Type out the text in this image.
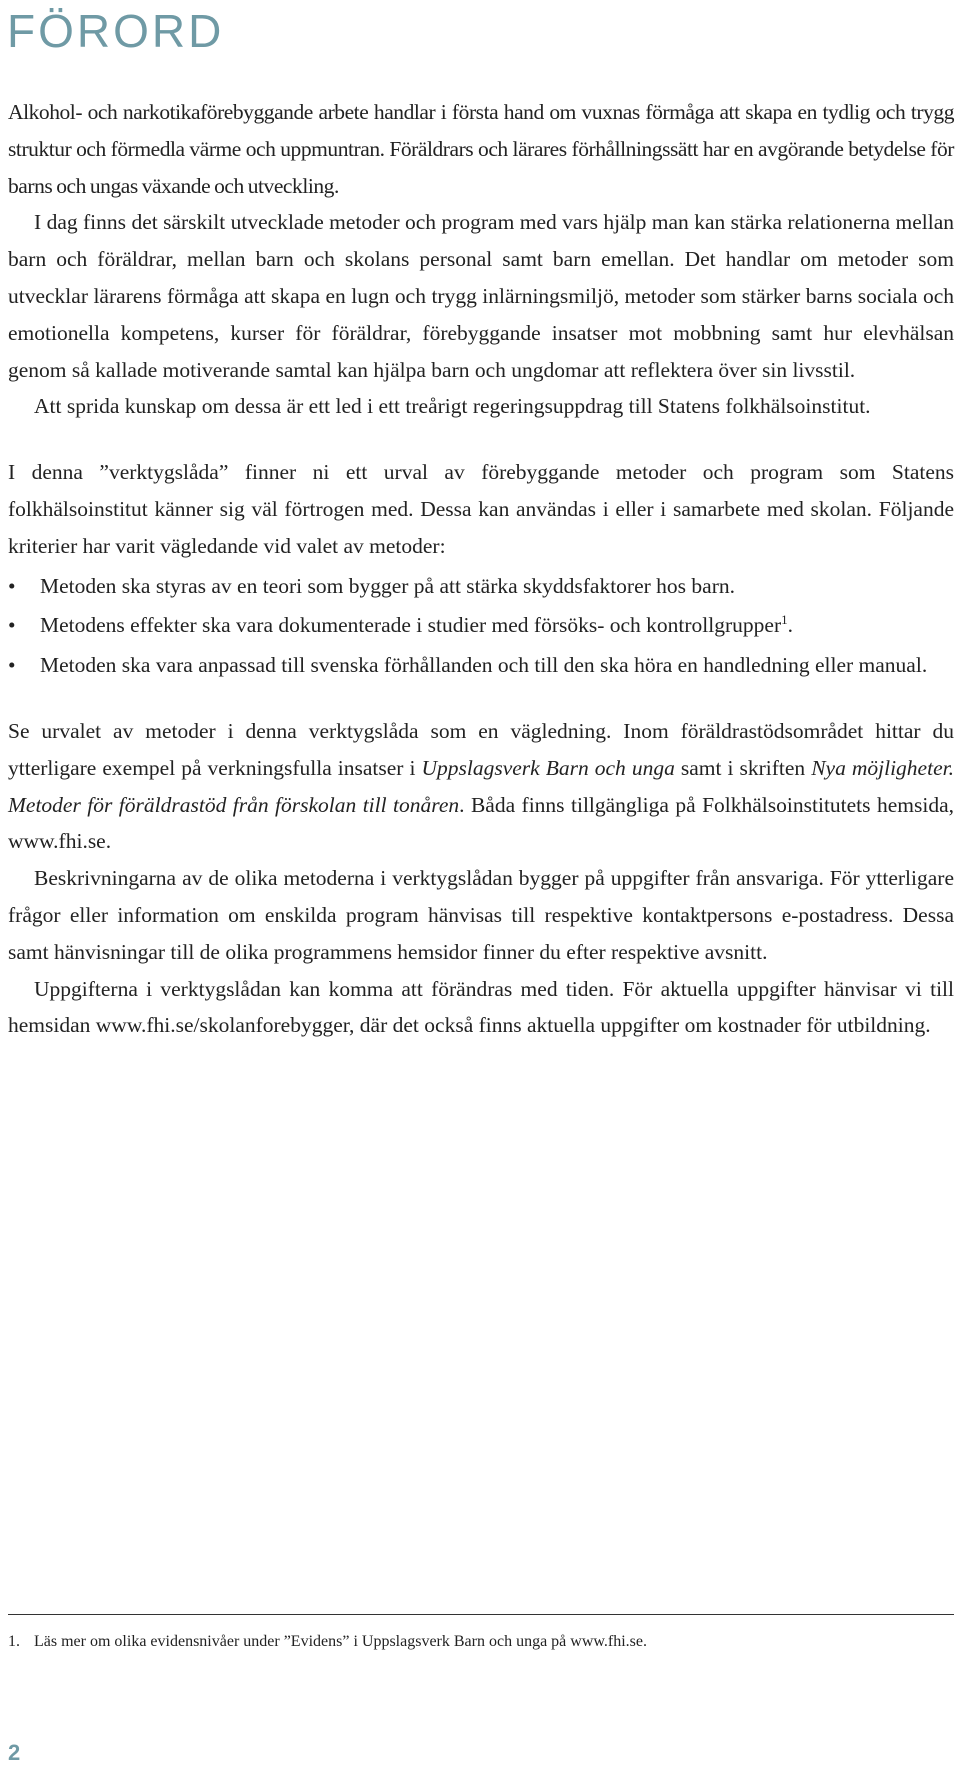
FÖRORD

Alkohol- och narkotikaförebyggande arbete handlar i första hand om vuxnas förmåga att skapa en tydlig och trygg struktur och förmedla värme och uppmuntran. Föräldrars och lärares förhållningssätt har en avgörande betydelse för barns och ungas växande och utveckling.

I dag finns det särskilt utvecklade metoder och program med vars hjälp man kan stärka relationerna mellan barn och föräldrar, mellan barn och skolans personal samt barn emellan. Det handlar om metoder som utvecklar lärarens förmåga att skapa en lugn och trygg inlärningsmiljö, metoder som stärker barns sociala och emotionella kompetens, kurser för föräldrar, förebyggande insatser mot mobbning samt hur elevhälsan genom så kallade motiverande samtal kan hjälpa barn och ungdomar att reflektera över sin livsstil.

Att sprida kunskap om dessa är ett led i ett treårigt regeringsuppdrag till Statens folkhälsoinstitut.

I denna ”verktygslåda” finner ni ett urval av förebyggande metoder och program som Statens folkhälsoinstitut känner sig väl förtrogen med. Dessa kan användas i eller i samarbete med skolan. Följande kriterier har varit vägledande vid valet av metoder:

• Metoden ska styras av en teori som bygger på att stärka skyddsfaktorer hos barn.
• Metodens effekter ska vara dokumenterade i studier med försöks- och kontrollgrupper$^1$.
• Metoden ska vara anpassad till svenska förhållanden och till den ska höra en handledning eller manual.

Se urvalet av metoder i denna verktygslåda som en vägledning. Inom föräldrastödsområdet hittar du ytterligare exempel på verkningsfulla insatser i Uppslagsverk Barn och unga samt i skriften Nya möjligheter. Metoder för föräldrastöd från förskolan till tonåren. Båda finns tillgängliga på Folkhälsoinstitutets hemsida, www.fhi.se.

Beskrivningarna av de olika metoderna i verktygslådan bygger på uppgifter från ansvariga. För ytterligare frågor eller information om enskilda program hänvisas till respektive kontaktpersons e-postadress. Dessa samt hänvisningar till de olika programmens hemsidor finner du efter respektive avsnitt.

Uppgifterna i verktygslådan kan komma att förändras med tiden. För aktuella uppgifter hänvisar vi till hemsidan www.fhi.se/skolanforebygger, där det också finns aktuella uppgifter om kostnader för utbildning.

1. Läs mer om olika evidensnivåer under ”Evidens” i Uppslagsverk Barn och unga på www.fhi.se.
2
